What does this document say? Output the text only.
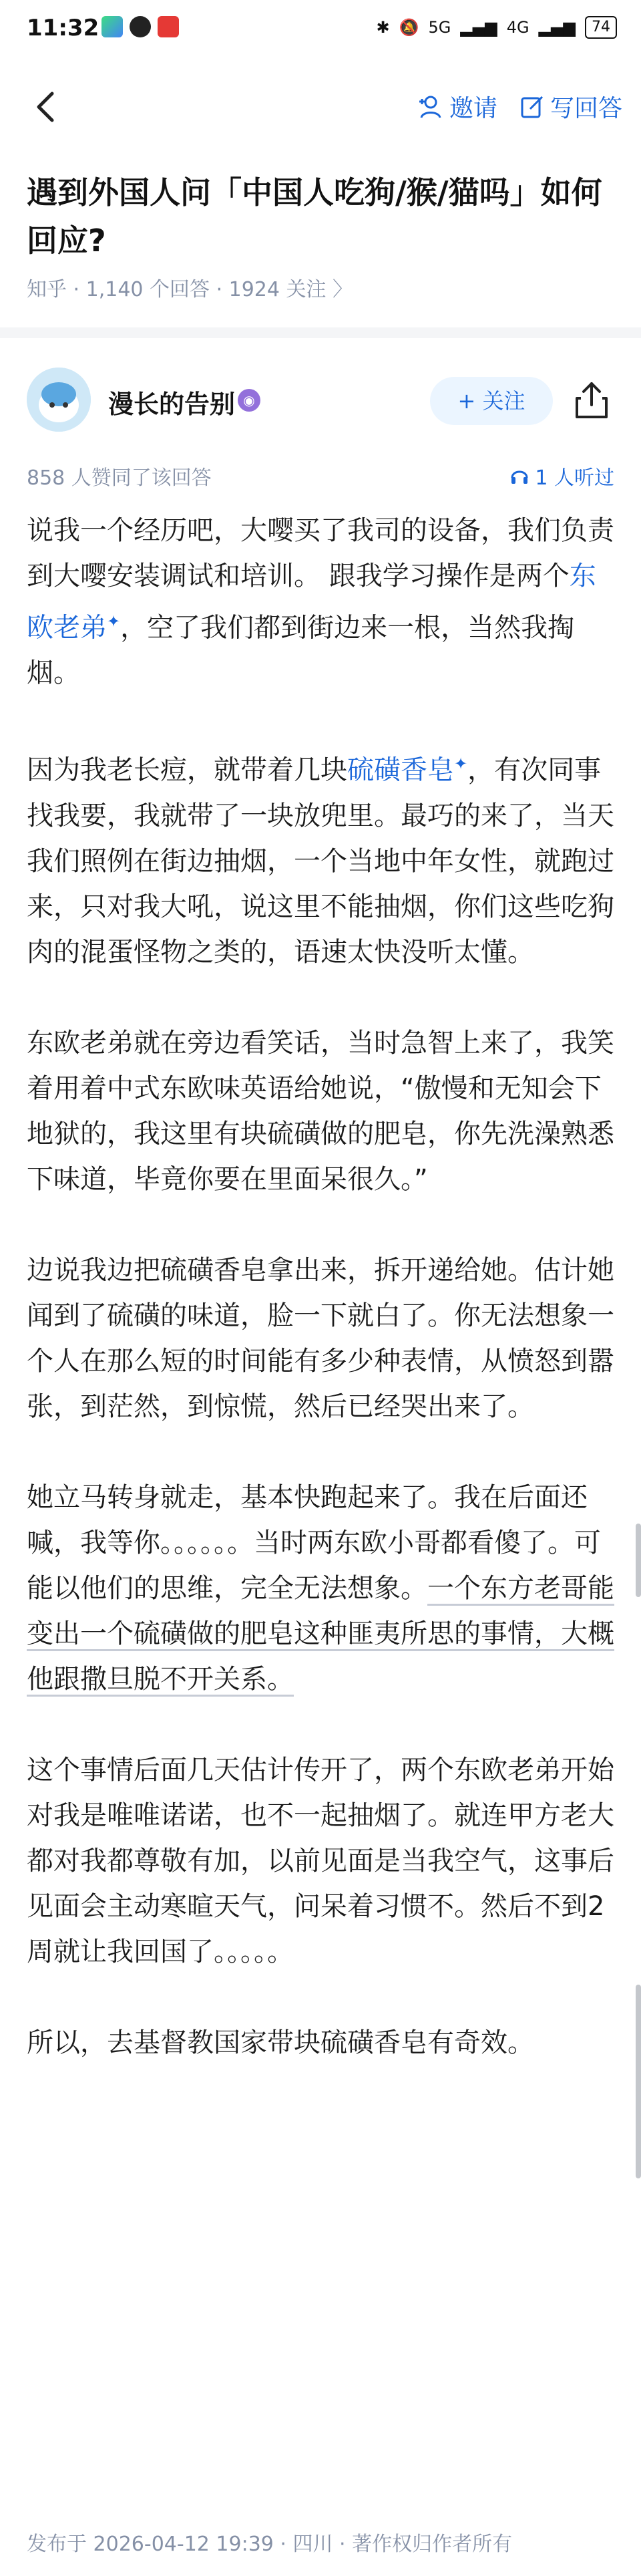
11:32	✱ 🔕 5G ▂▄▆ 4G ▂▄▆	74
邀请 写回答
遇到外国人问「中国人吃狗/猴/猫吗」如何回应?
知乎 · 1,140 个回答 · 1924 关注 〉
漫长的告别 ◉	+ 关注
858 人赞同了该回答	1 人听过

说我一个经历吧，大嘤买了我司的设备，我们负责到大嘤安装调试和培训。 跟我学习操作是两个东欧老弟✦，空了我们都到街边来一根，当然我掏烟。

因为我老长痘，就带着几块硫磺香皂✦，有次同事找我要，我就带了一块放兜里。最巧的来了，当天我们照例在街边抽烟，一个当地中年女性，就跑过来，只对我大吼，说这里不能抽烟，你们这些吃狗肉的混蛋怪物之类的，语速太快没听太懂。

东欧老弟就在旁边看笑话，当时急智上来了，我笑着用着中式东欧味英语给她说，“傲慢和无知会下地狱的，我这里有块硫磺做的肥皂，你先洗澡熟悉下味道，毕竟你要在里面呆很久。”

边说我边把硫磺香皂拿出来，拆开递给她。估计她闻到了硫磺的味道，脸一下就白了。你无法想象一个人在那么短的时间能有多少种表情，从愤怒到嚣张，到茫然，到惊慌，然后已经哭出来了。

她立马转身就走，基本快跑起来了。我在后面还喊，我等你。。。。。。当时两东欧小哥都看傻了。可能以他们的思维，完全无法想象。一个东方老哥能变出一个硫磺做的肥皂这种匪夷所思的事情，大概他跟撒旦脱不开关系。

这个事情后面几天估计传开了，两个东欧老弟开始对我是唯唯诺诺，也不一起抽烟了。就连甲方老大都对我都尊敬有加，以前见面是当我空气，这事后见面会主动寒暄天气，问呆着习惯不。然后不到2周就让我回国了。。。。。

所以，去基督教国家带块硫磺香皂有奇效。

发布于 2026-04-12 19:39 · 四川 · 著作权归作者所有
